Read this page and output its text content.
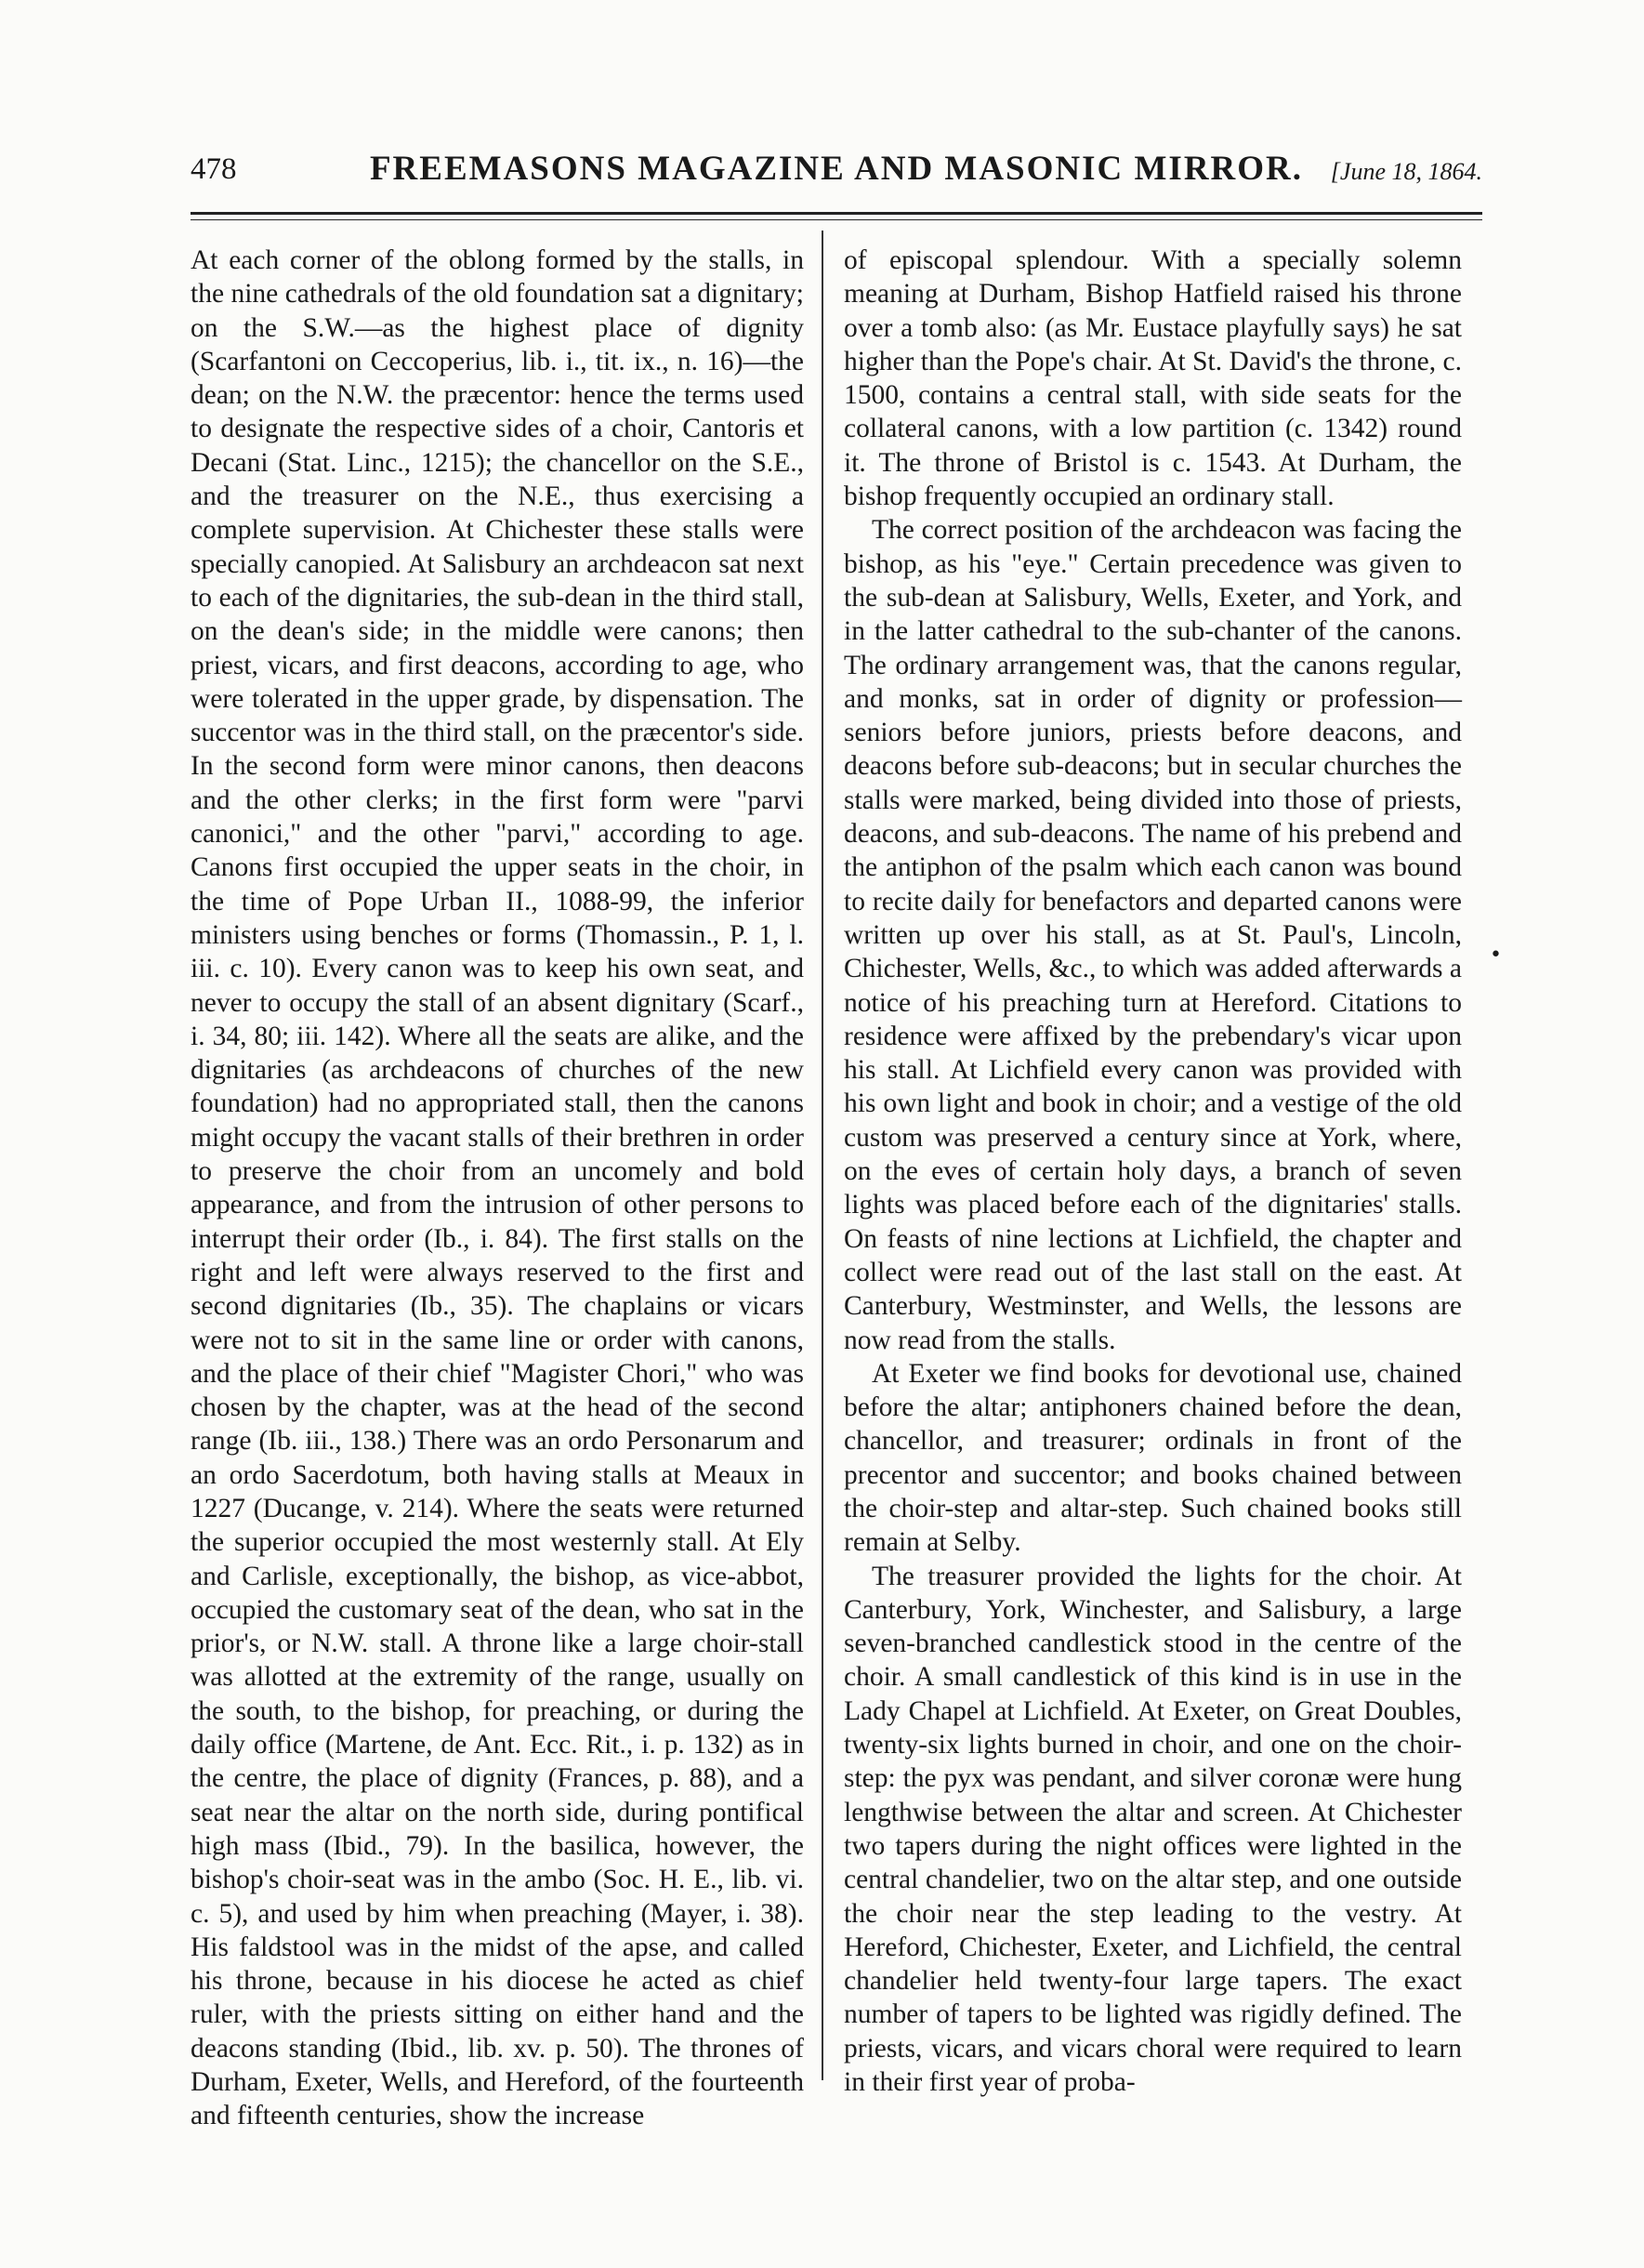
478	FREEMASONS MAGAZINE AND MASONIC MIRROR.	[June 18, 1864.

At each corner of the oblong formed by the stalls, in the nine cathedrals of the old foundation sat a dignitary; on the S.W.—as the highest place of dignity (Scarfantoni on Ceccoperius, lib. i., tit. ix., n. 16)—the dean; on the N.W. the præcentor: hence the terms used to designate the respective sides of a choir, Cantoris et Decani (Stat. Linc., 1215); the chancellor on the S.E., and the treasurer on the N.E., thus exercising a complete supervision. At Chichester these stalls were specially canopied. At Salisbury an archdeacon sat next to each of the dignitaries, the sub-dean in the third stall, on the dean's side; in the middle were canons; then priest, vicars, and first deacons, according to age, who were tolerated in the upper grade, by dispensation. The succentor was in the third stall, on the præcentor's side. In the second form were minor canons, then deacons and the other clerks; in the first form were "parvi canonici," and the other "parvi," according to age. Canons first occupied the upper seats in the choir, in the time of Pope Urban II., 1088-99, the inferior ministers using benches or forms (Thomassin., P. 1, l. iii. c. 10). Every canon was to keep his own seat, and never to occupy the stall of an absent dignitary (Scarf., i. 34, 80; iii. 142). Where all the seats are alike, and the dignitaries (as archdeacons of churches of the new foundation) had no appropriated stall, then the canons might occupy the vacant stalls of their brethren in order to preserve the choir from an uncomely and bold appearance, and from the intrusion of other persons to interrupt their order (Ib., i. 84). The first stalls on the right and left were always reserved to the first and second dignitaries (Ib., 35). The chaplains or vicars were not to sit in the same line or order with canons, and the place of their chief "Magister Chori," who was chosen by the chapter, was at the head of the second range (Ib. iii., 138.) There was an ordo Personarum and an ordo Sacerdotum, both having stalls at Meaux in 1227 (Ducange, v. 214). Where the seats were returned the superior occupied the most westernly stall. At Ely and Carlisle, exceptionally, the bishop, as vice-abbot, occupied the customary seat of the dean, who sat in the prior's, or N.W. stall. A throne like a large choir-stall was allotted at the extremity of the range, usually on the south, to the bishop, for preaching, or during the daily office (Martene, de Ant. Ecc. Rit., i. p. 132) as in the centre, the place of dignity (Frances, p. 88), and a seat near the altar on the north side, during pontifical high mass (Ibid., 79). In the basilica, however, the bishop's choir-seat was in the ambo (Soc. H. E., lib. vi. c. 5), and used by him when preaching (Mayer, i. 38). His faldstool was in the midst of the apse, and called his throne, because in his diocese he acted as chief ruler, with the priests sitting on either hand and the deacons standing (Ibid., lib. xv. p. 50). The thrones of Durham, Exeter, Wells, and Hereford, of the fourteenth and fifteenth centuries, show the increase

of episcopal splendour. With a specially solemn meaning at Durham, Bishop Hatfield raised his throne over a tomb also: (as Mr. Eustace playfully says) he sat higher than the Pope's chair. At St. David's the throne, c. 1500, contains a central stall, with side seats for the collateral canons, with a low partition (c. 1342) round it. The throne of Bristol is c. 1543. At Durham, the bishop frequently occupied an ordinary stall.

The correct position of the archdeacon was facing the bishop, as his "eye." Certain precedence was given to the sub-dean at Salisbury, Wells, Exeter, and York, and in the latter cathedral to the sub-chanter of the canons. The ordinary arrangement was, that the canons regular, and monks, sat in order of dignity or profession—seniors before juniors, priests before deacons, and deacons before sub-deacons; but in secular churches the stalls were marked, being divided into those of priests, deacons, and sub-deacons. The name of his prebend and the antiphon of the psalm which each canon was bound to recite daily for benefactors and departed canons were written up over his stall, as at St. Paul's, Lincoln, Chichester, Wells, &c., to which was added afterwards a notice of his preaching turn at Hereford. Citations to residence were affixed by the prebendary's vicar upon his stall. At Lichfield every canon was provided with his own light and book in choir; and a vestige of the old custom was preserved a century since at York, where, on the eves of certain holy days, a branch of seven lights was placed before each of the dignitaries' stalls. On feasts of nine lections at Lichfield, the chapter and collect were read out of the last stall on the east. At Canterbury, Westminster, and Wells, the lessons are now read from the stalls.

At Exeter we find books for devotional use, chained before the altar; antiphoners chained before the dean, chancellor, and treasurer; ordinals in front of the precentor and succentor; and books chained between the choir-step and altar-step. Such chained books still remain at Selby.

The treasurer provided the lights for the choir. At Canterbury, York, Winchester, and Salisbury, a large seven-branched candlestick stood in the centre of the choir. A small candlestick of this kind is in use in the Lady Chapel at Lichfield. At Exeter, on Great Doubles, twenty-six lights burned in choir, and one on the choir-step: the pyx was pendant, and silver coronæ were hung lengthwise between the altar and screen. At Chichester two tapers during the night offices were lighted in the central chandelier, two on the altar step, and one outside the choir near the step leading to the vestry. At Hereford, Chichester, Exeter, and Lichfield, the central chandelier held twenty-four large tapers. The exact number of tapers to be lighted was rigidly defined. The priests, vicars, and vicars choral were required to learn in their first year of proba-

•
